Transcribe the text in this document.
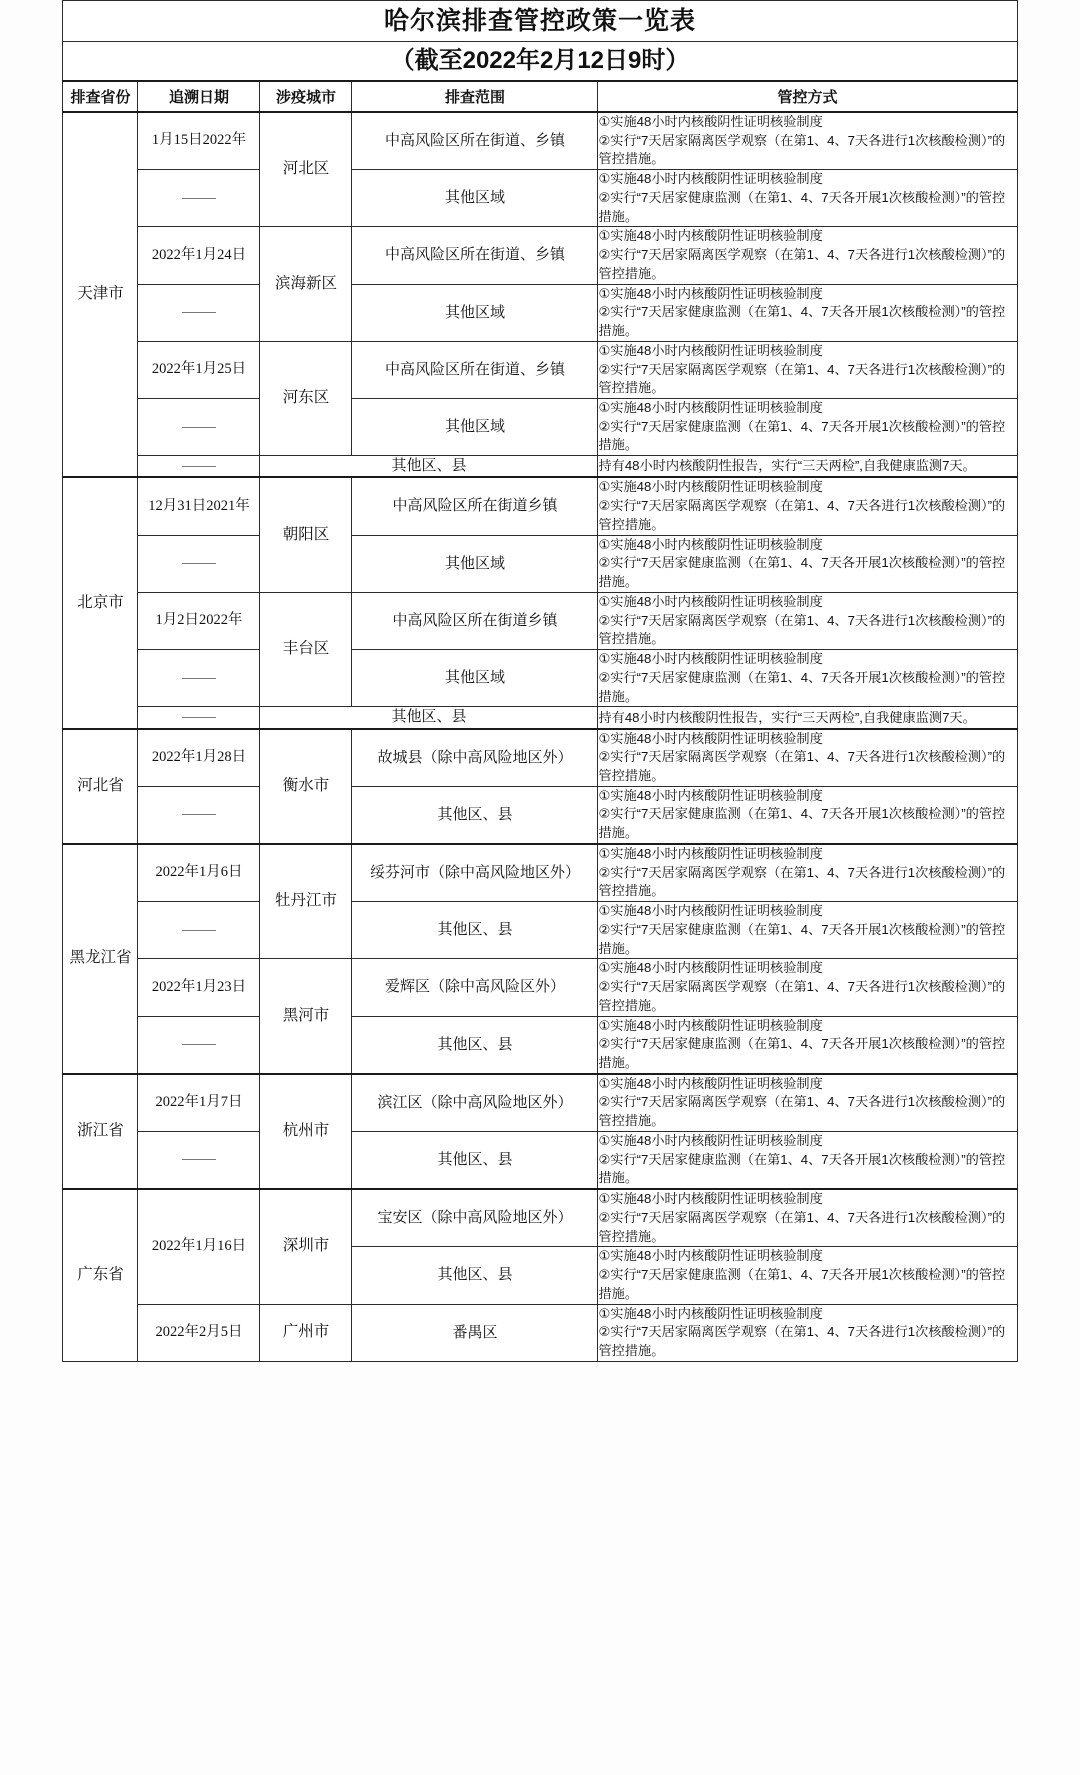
哈尔滨排查管控政策一览表				
（截至2022年2月12日9时）				
排查省份	追溯日期	涉疫城市	排查范围	管控方式
天津市	1月15日2022年	河北区	中高风险区所在街道、乡镇	①实施48小时内核酸阴性证明核验制度
②实行“7天居家隔离医学观察（在第1、4、7天各进行1次核酸检测）”的管控措施。
			其他区域	①实施48小时内核酸阴性证明核验制度
②实行“7天居家健康监测（在第1、4、7天各开展1次核酸检测）”的管控措施。
	2022年1月24日	滨海新区	中高风险区所在街道、乡镇	①实施48小时内核酸阴性证明核验制度
②实行“7天居家隔离医学观察（在第1、4、7天各进行1次核酸检测）”的管控措施。
			其他区域	①实施48小时内核酸阴性证明核验制度
②实行“7天居家健康监测（在第1、4、7天各开展1次核酸检测）”的管控措施。
	2022年1月25日	河东区	中高风险区所在街道、乡镇	①实施48小时内核酸阴性证明核验制度
②实行“7天居家隔离医学观察（在第1、4、7天各进行1次核酸检测）”的管控措施。
			其他区域	①实施48小时内核酸阴性证明核验制度
②实行“7天居家健康监测（在第1、4、7天各开展1次核酸检测）”的管控措施。
		其他区、县		持有48小时内核酸阴性报告，实行“三天两检”,自我健康监测7天。
北京市	12月31日2021年	朝阳区	中高风险区所在街道乡镇	①实施48小时内核酸阴性证明核验制度
②实行“7天居家隔离医学观察（在第1、4、7天各进行1次核酸检测）”的管控措施。
			其他区域	①实施48小时内核酸阴性证明核验制度
②实行“7天居家健康监测（在第1、4、7天各开展1次核酸检测）”的管控措施。
	1月2日2022年	丰台区	中高风险区所在街道乡镇	①实施48小时内核酸阴性证明核验制度
②实行“7天居家隔离医学观察（在第1、4、7天各进行1次核酸检测）”的管控措施。
			其他区域	①实施48小时内核酸阴性证明核验制度
②实行“7天居家健康监测（在第1、4、7天各开展1次核酸检测）”的管控措施。
		其他区、县		持有48小时内核酸阴性报告，实行“三天两检”,自我健康监测7天。
河北省	2022年1月28日	衡水市	故城县（除中高风险地区外）	①实施48小时内核酸阴性证明核验制度
②实行“7天居家隔离医学观察（在第1、4、7天各进行1次核酸检测）”的管控措施。
			其他区、县	①实施48小时内核酸阴性证明核验制度
②实行“7天居家健康监测（在第1、4、7天各开展1次核酸检测）”的管控措施。
黑龙江省	2022年1月6日	牡丹江市	绥芬河市（除中高风险地区外）	①实施48小时内核酸阴性证明核验制度
②实行“7天居家隔离医学观察（在第1、4、7天各进行1次核酸检测）”的管控措施。
			其他区、县	①实施48小时内核酸阴性证明核验制度
②实行“7天居家健康监测（在第1、4、7天各开展1次核酸检测）”的管控措施。
	2022年1月23日	黑河市	爱辉区（除中高风险区外）	①实施48小时内核酸阴性证明核验制度
②实行“7天居家隔离医学观察（在第1、4、7天各进行1次核酸检测）”的管控措施。
			其他区、县	①实施48小时内核酸阴性证明核验制度
②实行“7天居家健康监测（在第1、4、7天各开展1次核酸检测）”的管控措施。
浙江省	2022年1月7日	杭州市	滨江区（除中高风险地区外）	①实施48小时内核酸阴性证明核验制度
②实行“7天居家隔离医学观察（在第1、4、7天各进行1次核酸检测）”的管控措施。
			其他区、县	①实施48小时内核酸阴性证明核验制度
②实行“7天居家健康监测（在第1、4、7天各开展1次核酸检测）”的管控措施。
广东省	2022年1月16日	深圳市	宝安区（除中高风险地区外）	①实施48小时内核酸阴性证明核验制度
②实行“7天居家隔离医学观察（在第1、4、7天各进行1次核酸检测）”的管控措施。
			其他区、县	①实施48小时内核酸阴性证明核验制度
②实行“7天居家健康监测（在第1、4、7天各开展1次核酸检测）”的管控措施。
	2022年2月5日	广州市	番禺区	①实施48小时内核酸阴性证明核验制度
②实行“7天居家隔离医学观察（在第1、4、7天各进行1次核酸检测）”的管控措施。
